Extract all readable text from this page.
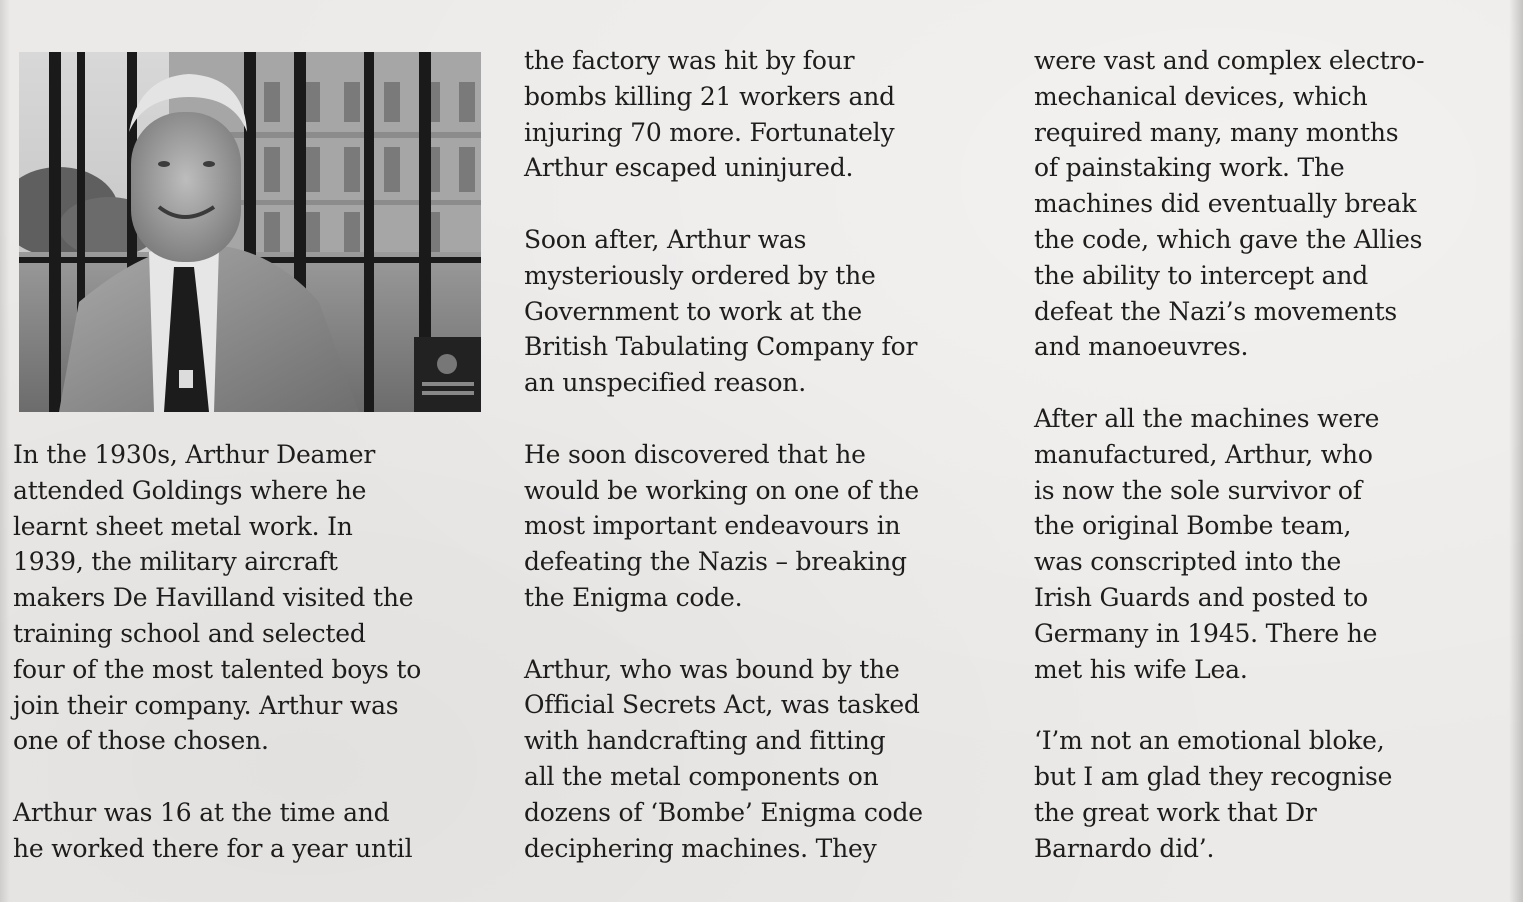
In the 1930s, Arthur Deamer
attended Goldings where he
learnt sheet metal work. In
1939, the military aircraft
makers De Havilland visited the
training school and selected
four of the most talented boys to
join their company. Arthur was
one of those chosen.

Arthur was 16 at the time and
he worked there for a year until

the factory was hit by four
bombs killing 21 workers and
injuring 70 more. Fortunately
Arthur escaped uninjured.

Soon after, Arthur was
mysteriously ordered by the
Government to work at the
British Tabulating Company for
an unspecified reason.

He soon discovered that he
would be working on one of the
most important endeavours in
defeating the Nazis – breaking
the Enigma code.

Arthur, who was bound by the
Official Secrets Act, was tasked
with handcrafting and fitting
all the metal components on
dozens of ‘Bombe’ Enigma code
deciphering machines. They

were vast and complex electro-
mechanical devices, which
required many, many months
of painstaking work. The
machines did eventually break
the code, which gave the Allies
the ability to intercept and
defeat the Nazi’s movements
and manoeuvres.

After all the machines were
manufactured, Arthur, who
is now the sole survivor of
the original Bombe team,
was conscripted into the
Irish Guards and posted to
Germany in 1945. There he
met his wife Lea.

‘I’m not an emotional bloke,
but I am glad they recognise
the great work that Dr
Barnardo did’.
